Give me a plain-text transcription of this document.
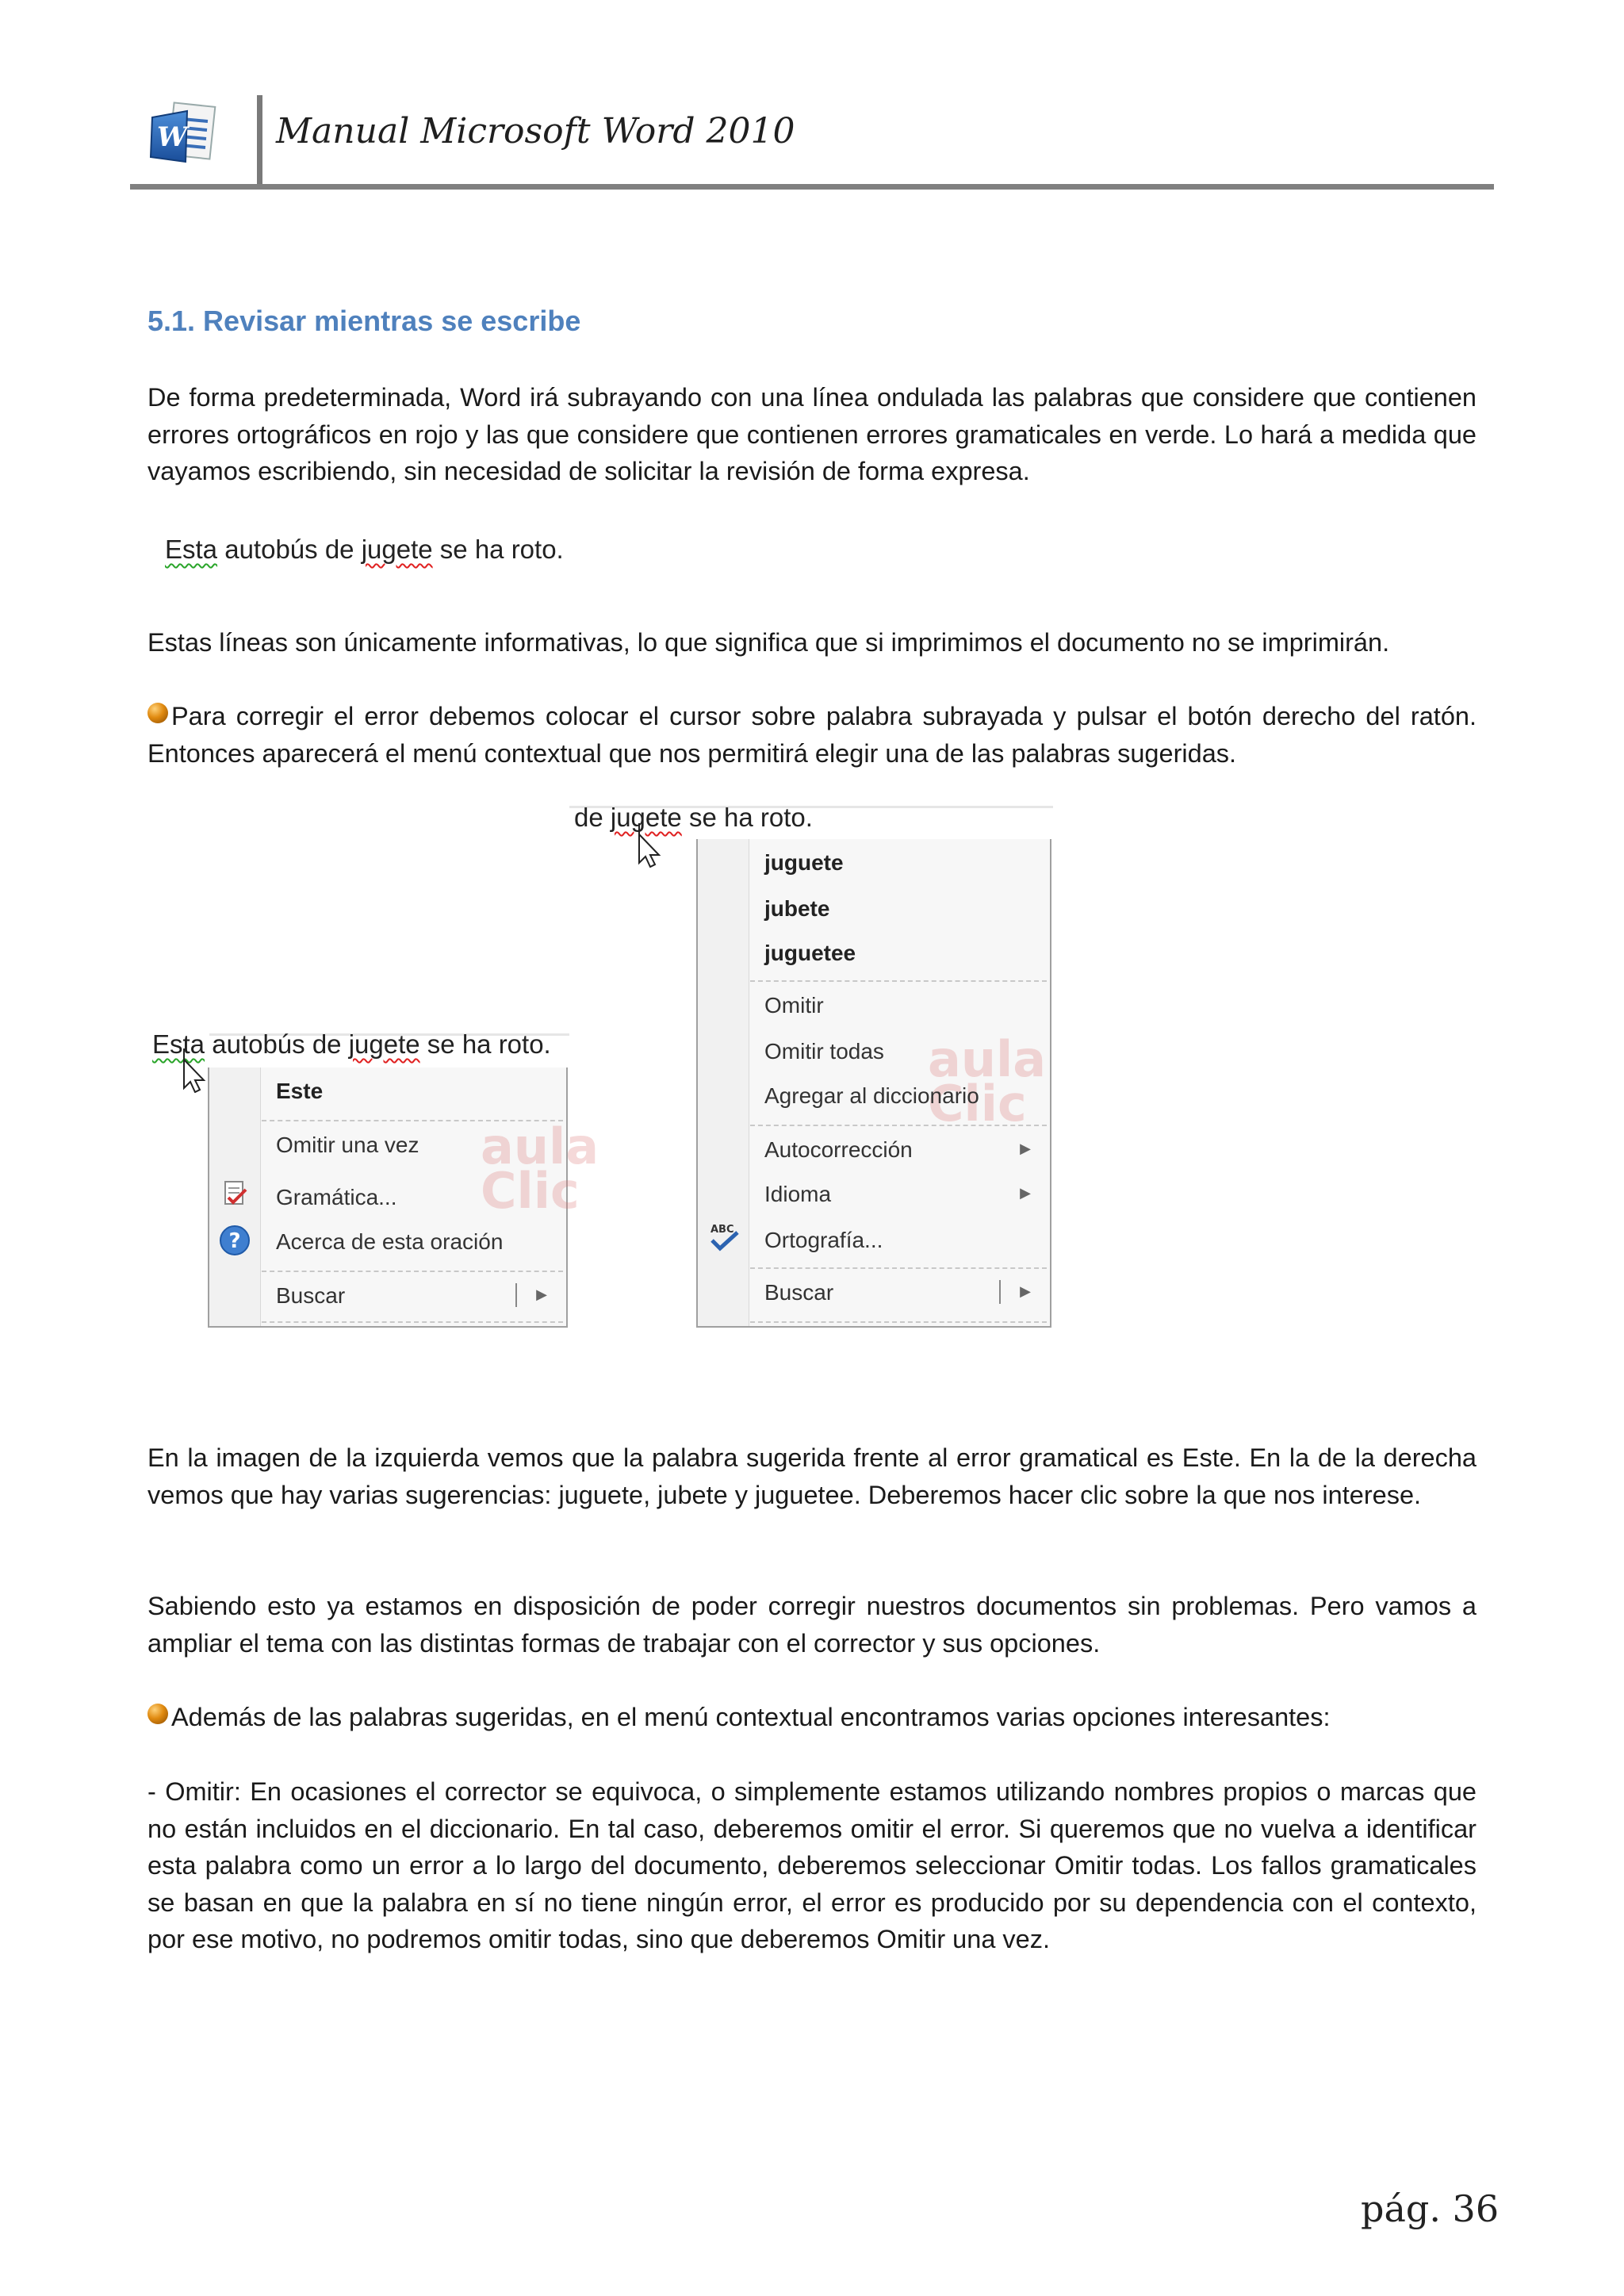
W	Manual Microsoft Word 2010
5.1. Revisar mientras se escribe

De forma predeterminada, Word irá subrayando con una línea ondulada las palabras que considere que contienen errores ortográficos en rojo y las que considere que contienen errores gramaticales en verde. Lo hará a medida que vayamos escribiendo, sin necesidad de solicitar la revisión de forma expresa.

Esta autobús de jugete se ha roto.

Estas líneas son únicamente informativas, lo que significa que si imprimimos el documento no se imprimirán.

Para corregir el error debemos colocar el cursor sobre palabra subrayada y pulsar el botón derecho del ratón. Entonces aparecerá el menú contextual que nos permitirá elegir una de las palabras sugeridas.
de jugete se ha roto.
aula
Clic
juguete
jubete
juguetee
Omitir
Omitir todas
Agregar al diccionario
Autocorrección	▶
Idioma	▶
ABC Ortografía...
Buscar	▶
Esta autobús de jugete se ha roto.
aula
Clic
Este
Omitir una vez
Gramática...
? Acerca de esta oración
Buscar	▶

En la imagen de la izquierda vemos que la palabra sugerida frente al error gramatical es Este. En la de la derecha vemos que hay varias sugerencias: juguete, jubete y juguetee. Deberemos hacer clic sobre la que nos interese.

Sabiendo esto ya estamos en disposición de poder corregir nuestros documentos sin problemas. Pero vamos a ampliar el tema con las distintas formas de trabajar con el corrector y sus opciones.

Además de las palabras sugeridas, en el menú contextual encontramos varias opciones interesantes:

- Omitir: En ocasiones el corrector se equivoca, o simplemente estamos utilizando nombres propios o marcas que no están incluidos en el diccionario. En tal caso, deberemos omitir el error. Si queremos que no vuelva a identificar esta palabra como un error a lo largo del documento, deberemos seleccionar Omitir todas. Los fallos gramaticales se basan en que la palabra en sí no tiene ningún error, el error es producido por su dependencia con el contexto, por ese motivo, no podremos omitir todas, sino que deberemos Omitir una vez.

pág. 36
